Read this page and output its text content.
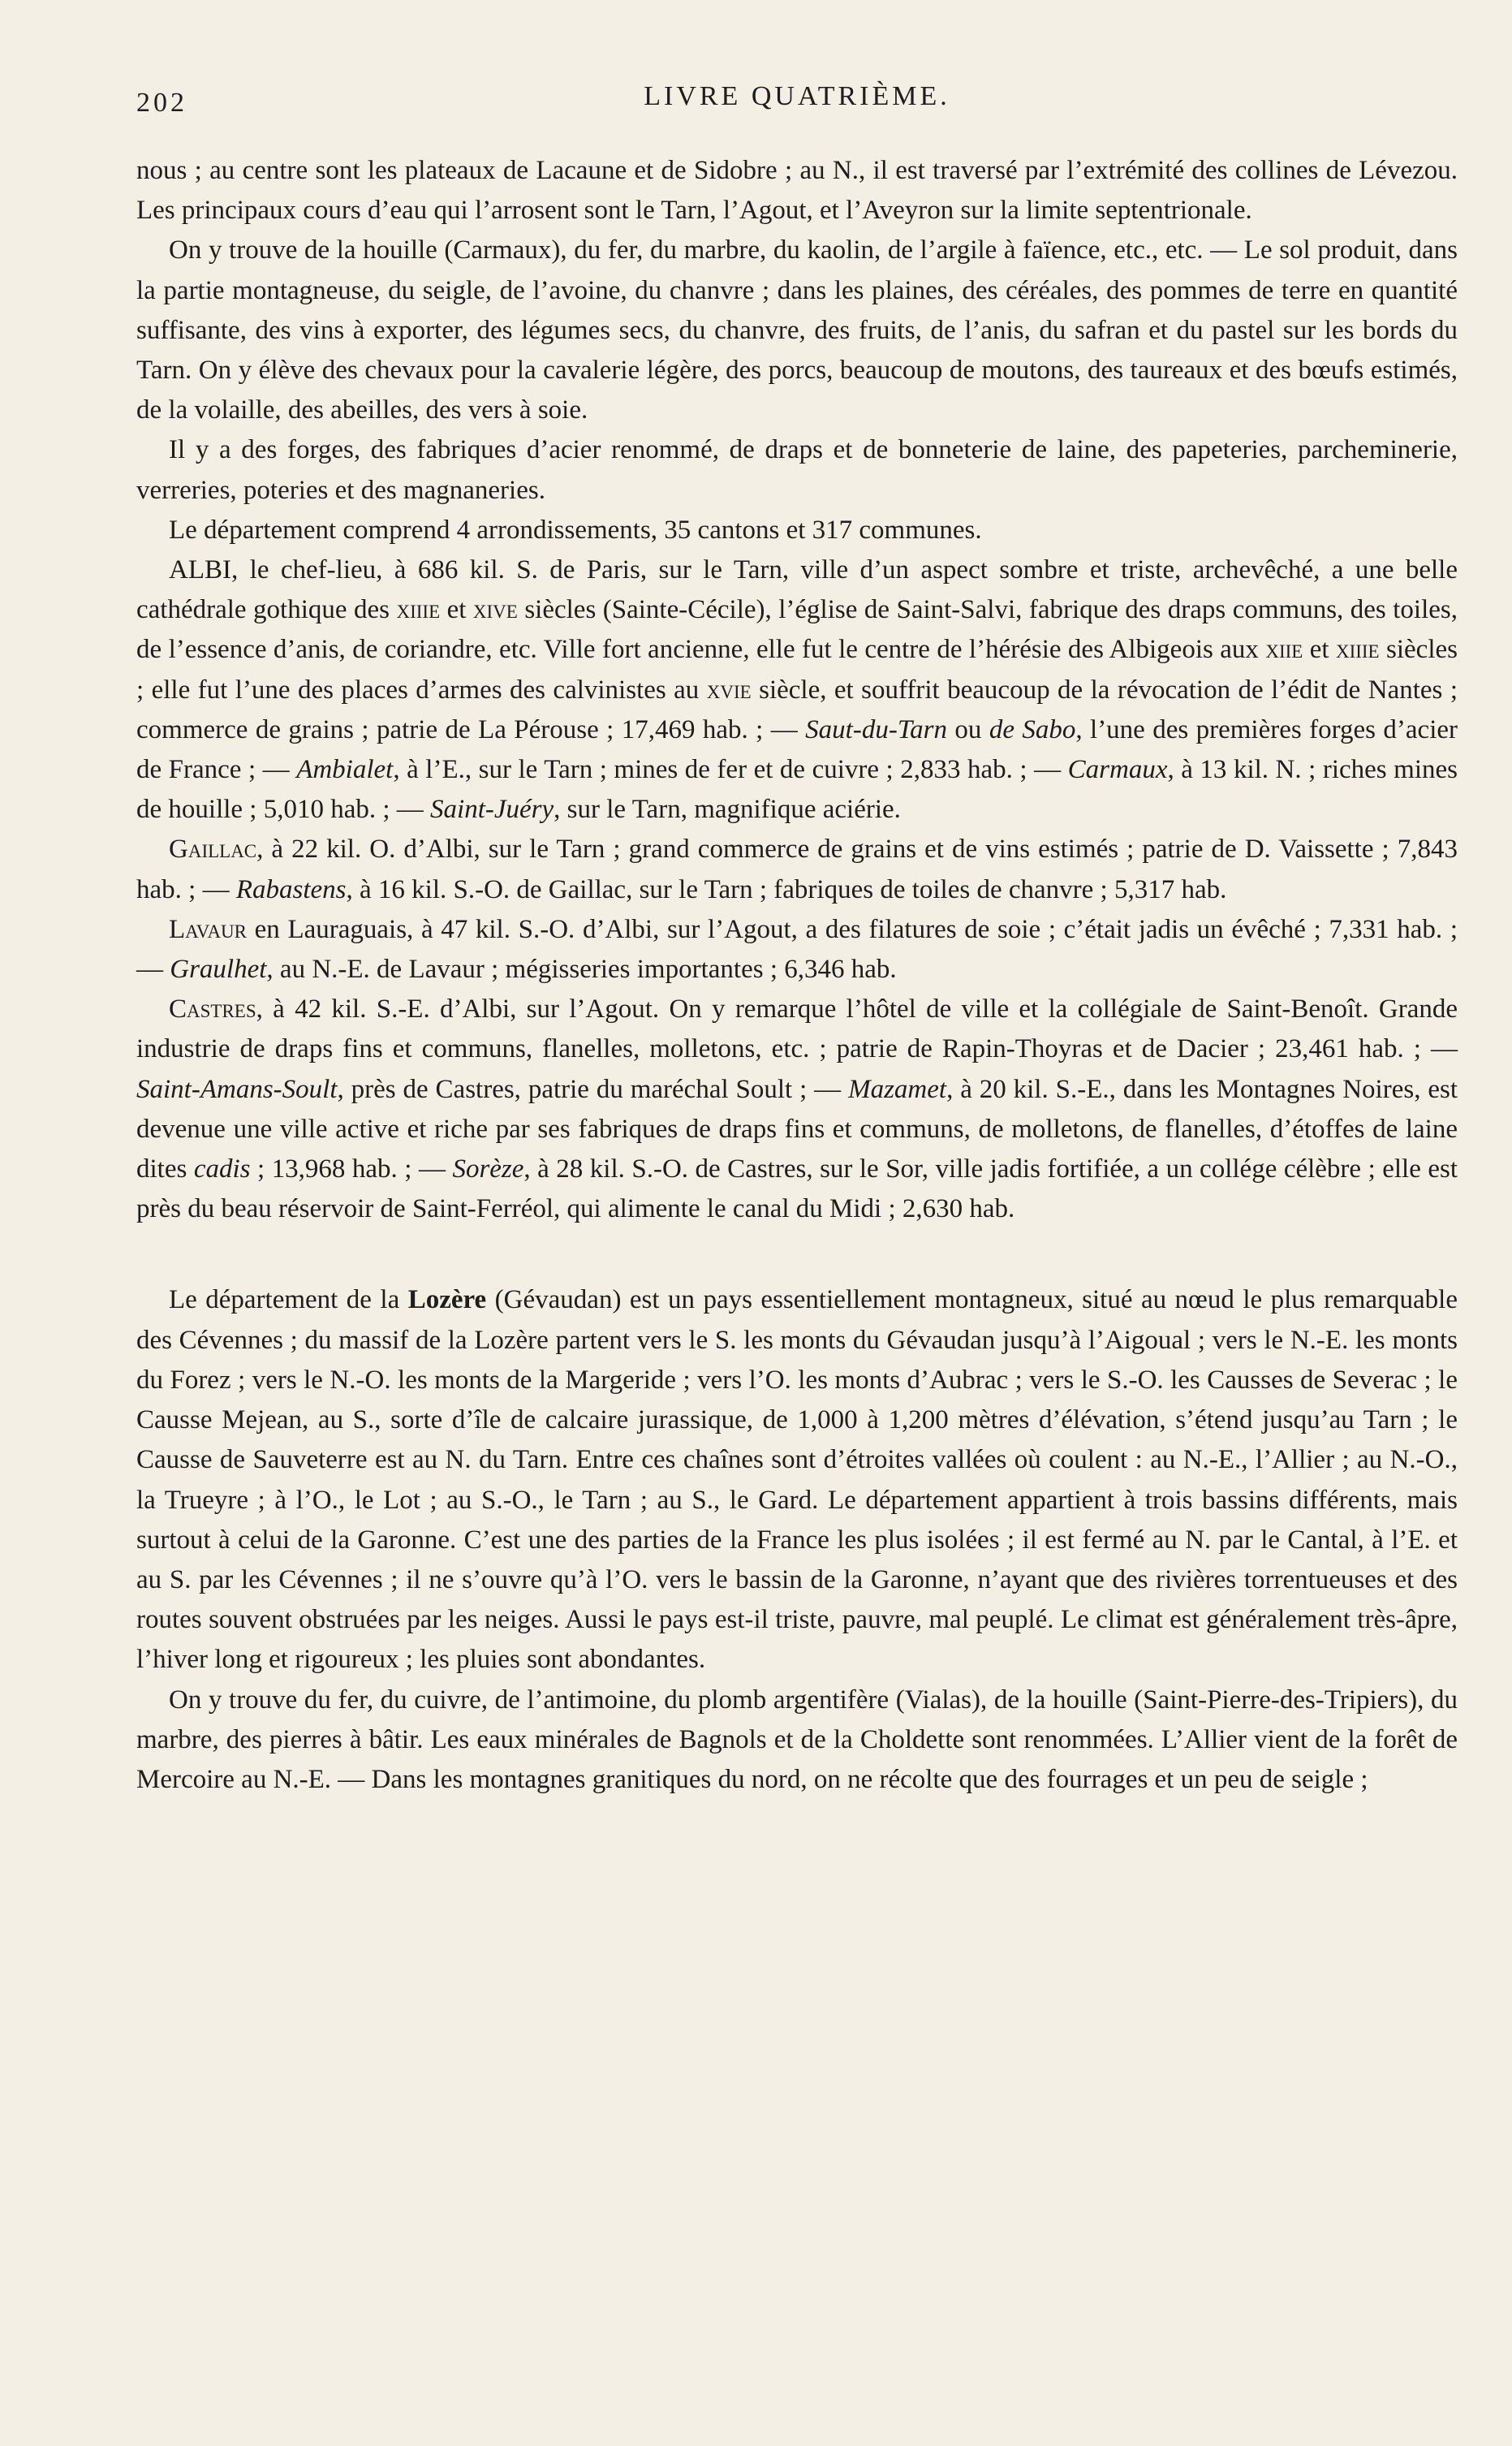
202	LIVRE QUATRIÈME.

nous ; au centre sont les plateaux de Lacaune et de Sidobre ; au N., il est traversé par l’extrémité des collines de Lévezou. Les principaux cours d’eau qui l’arrosent sont le Tarn, l’Agout, et l’Aveyron sur la limite septentrionale.

On y trouve de la houille (Carmaux), du fer, du marbre, du kaolin, de l’argile à faïence, etc., etc. — Le sol produit, dans la partie montagneuse, du seigle, de l’avoine, du chanvre ; dans les plaines, des céréales, des pommes de terre en quantité suffisante, des vins à exporter, des légumes secs, du chanvre, des fruits, de l’anis, du safran et du pastel sur les bords du Tarn. On y élève des chevaux pour la cavalerie légère, des porcs, beaucoup de moutons, des taureaux et des bœufs estimés, de la volaille, des abeilles, des vers à soie.

Il y a des forges, des fabriques d’acier renommé, de draps et de bonneterie de laine, des papeteries, parcheminerie, verreries, poteries et des magnaneries.

Le département comprend 4 arrondissements, 35 cantons et 317 communes.

ALBI, le chef-lieu, à 686 kil. S. de Paris, sur le Tarn, ville d’un aspect sombre et triste, archevêché, a une belle cathédrale gothique des xiiie et xive siècles (Sainte-Cécile), l’église de Saint-Salvi, fabrique des draps communs, des toiles, de l’essence d’anis, de coriandre, etc. Ville fort ancienne, elle fut le centre de l’hérésie des Albigeois aux xiie et xiiie siècles ; elle fut l’une des places d’armes des calvinistes au xvie siècle, et souffrit beaucoup de la révocation de l’édit de Nantes ; commerce de grains ; patrie de La Pérouse ; 17,469 hab. ; — Saut-du-Tarn ou de Sabo, l’une des premières forges d’acier de France ; — Ambialet, à l’E., sur le Tarn ; mines de fer et de cuivre ; 2,833 hab. ; — Carmaux, à 13 kil. N. ; riches mines de houille ; 5,010 hab. ; — Saint-Juéry, sur le Tarn, magnifique aciérie.

Gaillac, à 22 kil. O. d’Albi, sur le Tarn ; grand commerce de grains et de vins estimés ; patrie de D. Vaissette ; 7,843 hab. ; — Rabastens, à 16 kil. S.-O. de Gaillac, sur le Tarn ; fabriques de toiles de chanvre ; 5,317 hab.

Lavaur en Lauraguais, à 47 kil. S.-O. d’Albi, sur l’Agout, a des filatures de soie ; c’était jadis un évêché ; 7,331 hab. ; — Graulhet, au N.-E. de Lavaur ; mégisseries importantes ; 6,346 hab.

Castres, à 42 kil. S.-E. d’Albi, sur l’Agout. On y remarque l’hôtel de ville et la collégiale de Saint-Benoît. Grande industrie de draps fins et communs, flanelles, molletons, etc. ; patrie de Rapin-Thoyras et de Dacier ; 23,461 hab. ; — Saint-Amans-Soult, près de Castres, patrie du maréchal Soult ; — Mazamet, à 20 kil. S.-E., dans les Montagnes Noires, est devenue une ville active et riche par ses fabriques de draps fins et communs, de molletons, de flanelles, d’étoffes de laine dites cadis ; 13,968 hab. ; — Sorèze, à 28 kil. S.-O. de Castres, sur le Sor, ville jadis fortifiée, a un collége célèbre ; elle est près du beau réservoir de Saint-Ferréol, qui alimente le canal du Midi ; 2,630 hab.

Le département de la Lozère (Gévaudan) est un pays essentiellement montagneux, situé au nœud le plus remarquable des Cévennes ; du massif de la Lozère partent vers le S. les monts du Gévaudan jusqu’à l’Aigoual ; vers le N.-E. les monts du Forez ; vers le N.-O. les monts de la Margeride ; vers l’O. les monts d’Aubrac ; vers le S.-O. les Causses de Severac ; le Causse Mejean, au S., sorte d’île de calcaire jurassique, de 1,000 à 1,200 mètres d’élévation, s’étend jusqu’au Tarn ; le Causse de Sauveterre est au N. du Tarn. Entre ces chaînes sont d’étroites vallées où coulent : au N.-E., l’Allier ; au N.-O., la Trueyre ; à l’O., le Lot ; au S.-O., le Tarn ; au S., le Gard. Le département appartient à trois bassins différents, mais surtout à celui de la Garonne. C’est une des parties de la France les plus isolées ; il est fermé au N. par le Cantal, à l’E. et au S. par les Cévennes ; il ne s’ouvre qu’à l’O. vers le bassin de la Garonne, n’ayant que des rivières torrentueuses et des routes souvent obstruées par les neiges. Aussi le pays est-il triste, pauvre, mal peuplé. Le climat est généralement très-âpre, l’hiver long et rigoureux ; les pluies sont abondantes.

On y trouve du fer, du cuivre, de l’antimoine, du plomb argentifère (Vialas), de la houille (Saint-Pierre-des-Tripiers), du marbre, des pierres à bâtir. Les eaux minérales de Bagnols et de la Choldette sont renommées. L’Allier vient de la forêt de Mercoire au N.-E. — Dans les montagnes granitiques du nord, on ne récolte que des fourrages et un peu de seigle ;
